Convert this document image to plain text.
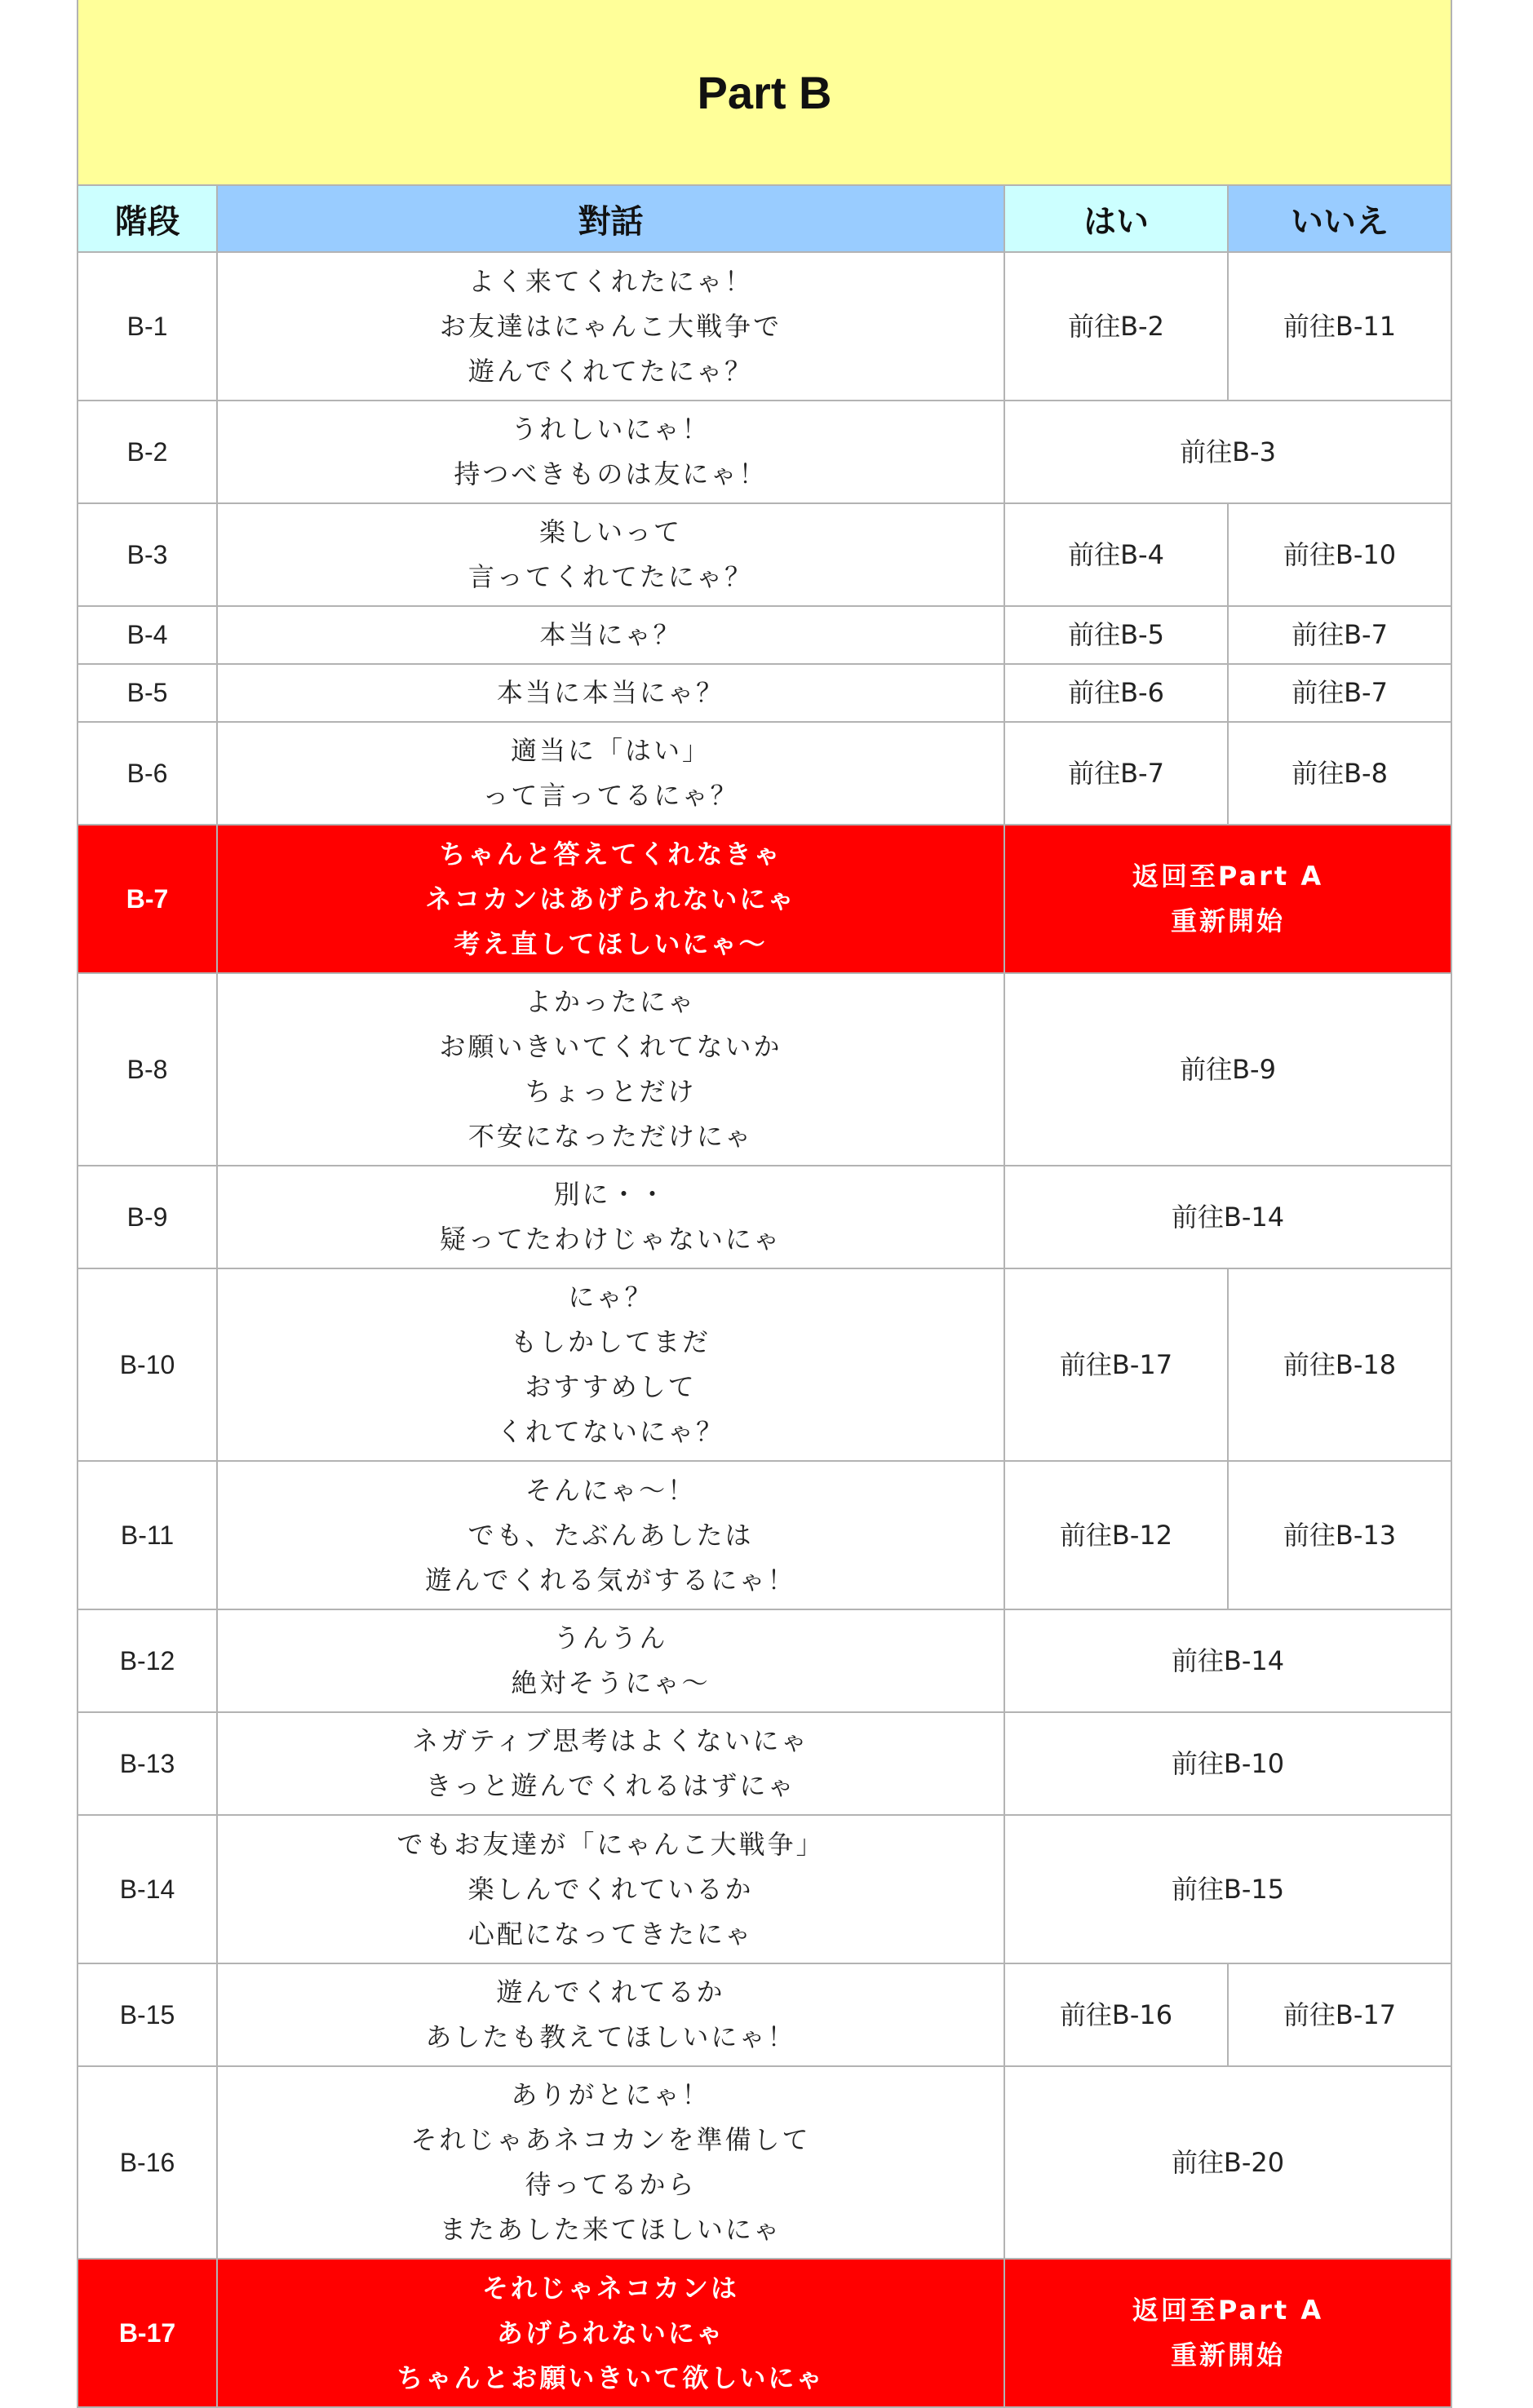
Part B			
階段	對話	はい	いいえ
B-1	よく来てくれたにゃ！
お友達はにゃんこ大戦争で
遊んでくれてたにゃ？	前往B-2	前往B-11
B-2	うれしいにゃ！
持つべきものは友にゃ！	前往B-3	
B-3	楽しいって
言ってくれてたにゃ？	前往B-4	前往B-10
B-4	本当にゃ？	前往B-5	前往B-7
B-5	本当に本当にゃ？	前往B-6	前往B-7
B-6	適当に「はい」
って言ってるにゃ？	前往B-7	前往B-8
B-7	ちゃんと答えてくれなきゃ
ネコカンはあげられないにゃ
考え直してほしいにゃ～	返回至Part A
重新開始	

B-8	よかったにゃ
お願いきいてくれてないか
ちょっとだけ
不安になっただけにゃ	前往B-9	
B-9	別に・・
疑ってたわけじゃないにゃ	前往B-14	
B-10	にゃ？
もしかしてまだ
おすすめして
くれてないにゃ？	前往B-17	前往B-18
B-11	そんにゃ～！
でも、たぶんあしたは
遊んでくれる気がするにゃ！	前往B-12	前往B-13
B-12	うんうん
絶対そうにゃ～	前往B-14	
B-13	ネガティブ思考はよくないにゃ
きっと遊んでくれるはずにゃ	前往B-10	
B-14	でもお友達が「にゃんこ大戦争」
楽しんでくれているか
心配になってきたにゃ	前往B-15	
B-15	遊んでくれてるか
あしたも教えてほしいにゃ！	前往B-16	前往B-17
B-16	ありがとにゃ！
それじゃあネコカンを準備して
待ってるから
またあした来てほしいにゃ	前往B-20	
B-17	それじゃネコカンは
あげられないにゃ
ちゃんとお願いきいて欲しいにゃ	返回至Part A
重新開始	
